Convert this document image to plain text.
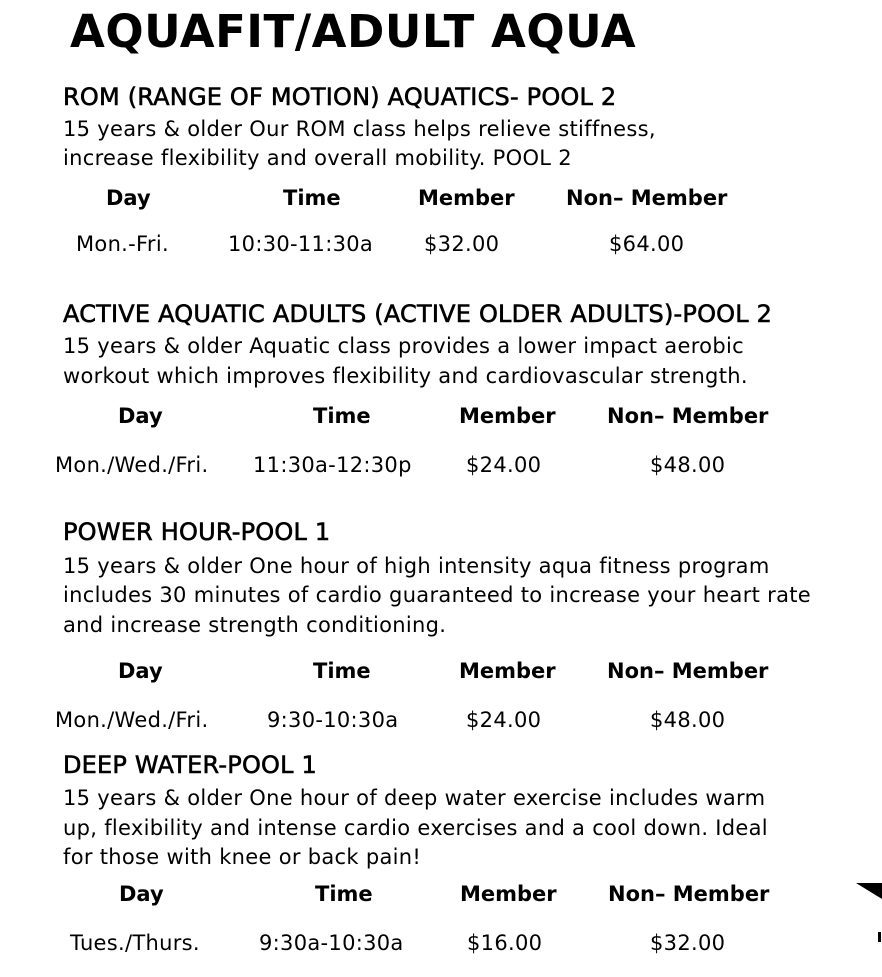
AQUAFIT/ADULT AQUA
ROM (RANGE OF MOTION) AQUATICS- POOL 2
15 years & older Our ROM class helps relieve stiffness,
increase flexibility and overall mobility. POOL 2
Day	Time	Member Non– Member
Mon.-Fri.	10:30-11:30a $32.00	$64.00
ACTIVE AQUATIC ADULTS (ACTIVE OLDER ADULTS)-POOL 2
15 years & older Aquatic class provides a lower impact aerobic
workout which improves flexibility and cardiovascular strength.
Day	Time	Member Non– Member
Mon./Wed./Fri. 11:30a-12:30p	$24.00	$48.00
POWER HOUR-POOL 1
15 years & older One hour of high intensity aqua fitness program
includes 30 minutes of cardio guaranteed to increase your heart rate
and increase strength conditioning.
Day	Time	Member Non– Member
Mon./Wed./Fri.	9:30-10:30a	$24.00	$48.00
DEEP WATER-POOL 1
15 years & older One hour of deep water exercise includes warm
up, flexibility and intense cardio exercises and a cool down. Ideal
for those with knee or back pain!
Day	Time	Member Non– Member
Tues./Thurs.	9:30a-10:30a	$16.00	$32.00
